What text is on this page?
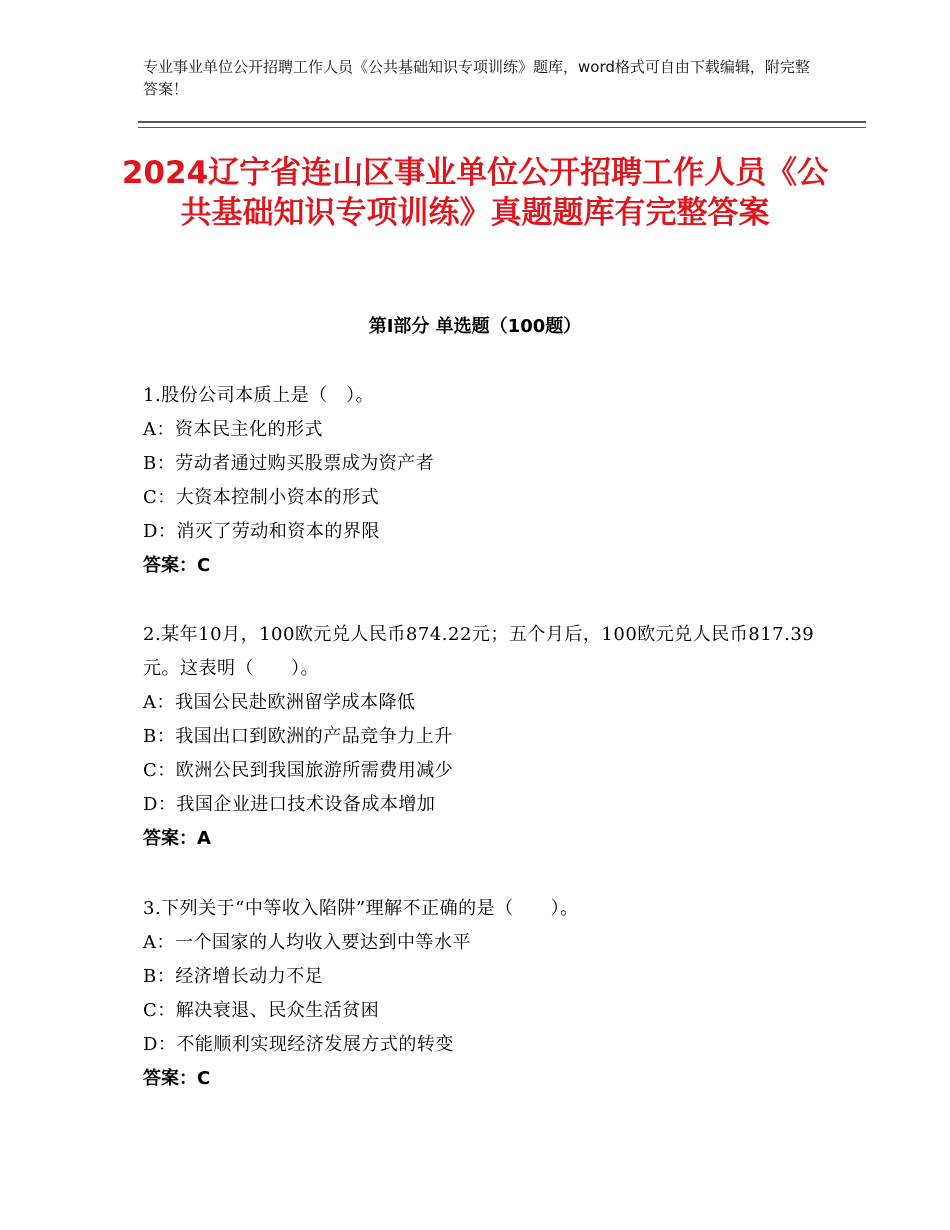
专业事业单位公开招聘工作人员《公共基础知识专项训练》题库，word格式可自由下载编辑，附完整答案！
2024辽宁省连山区事业单位公开招聘工作人员《公共基础知识专项训练》真题题库有完整答案
第Ⅰ部分 单选题（100题）
1.股份公司本质上是（　）。
A：资本民主化的形式
B：劳动者通过购买股票成为资产者
C：大资本控制小资本的形式
D：消灭了劳动和资本的界限
答案：C
2.某年10月，100欧元兑人民币874.22元；五个月后，100欧元兑人民币817.39元。这表明（　　）。
A：我国公民赴欧洲留学成本降低
B：我国出口到欧洲的产品竞争力上升
C：欧洲公民到我国旅游所需费用减少
D：我国企业进口技术设备成本增加
答案：A
3.下列关于“中等收入陷阱”理解不正确的是（　　）。
A：一个国家的人均收入要达到中等水平
B：经济增长动力不足
C：解决衰退、民众生活贫困
D：不能顺利实现经济发展方式的转变
答案：C
